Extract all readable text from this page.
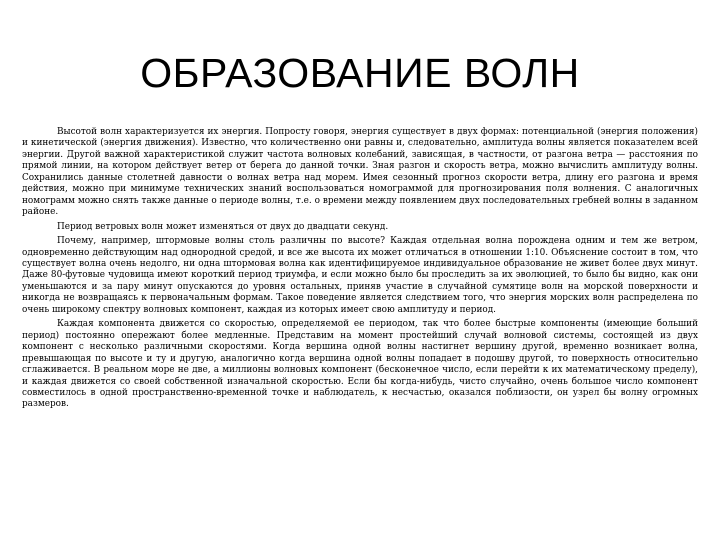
ОБРАЗОВАНИЕ ВОЛН

Высотой волн характеризуется их энергия. Попросту говоря, энергия существует в двух формах: потенциальной (энергия положения) и кинетической (энергия движения). Известно, что количественно они равны и, следовательно, амплитуда волны является показателем всей энергии. Другой важной характеристикой служит частота волновых колебаний, зависящая, в частности, от разгона ветра — расстояния по прямой линии, на котором действует ветер от берега до данной точки. Зная разгон и скорость ветра, можно вычислить амплитуду волны. Сохранились данные столетней давности о волнах ветра над морем. Имея сезонный прогноз скорости ветра, длину его разгона и время действия, можно при минимуме технических знаний воспользоваться номограммой для прогнозирования поля волнения. С аналогичных номограмм можно снять также данные о периоде волны, т.е. о времени между появлением двух последовательных гребней волны в заданном районе.

Период ветровых волн может изменяться от двух до двадцати секунд.

Почему, например, штормовые волны столь различны по высоте? Каждая отдельная волна порождена одним и тем же ветром, одновременно действующим над однородной средой, и все же высота их может отличаться в отношении 1:10. Объяснение состоит в том, что существует волна очень недолго, ни одна штормовая волна как идентифицируемое индивидуальное образование не живет более двух минут. Даже 80-футовые чудовища имеют короткий период триумфа, и если можно было бы проследить за их эволюцией, то было бы видно, как они уменьшаются и за пару минут опускаются до уровня остальных, приняв участие в случайной сумятице волн на морской поверхности и никогда не возвращаясь к первоначальным формам. Такое поведение является следствием того, что энергия морских волн распределена по очень широкому спектру волновых компонент, каждая из которых имеет свою амплитуду и период.

Каждая компонента движется со скоростью, определяемой ее периодом, так что более быстрые компоненты (имеющие больший период) постоянно опережают более медленные. Представим на момент простейший случай волновой системы, состоящей из двух компонент с несколько различными скоростями. Когда вершина одной волны настигнет вершину другой, временно возникает волна, превышающая по высоте и ту и другую, аналогично когда вершина одной волны попадает в подошву другой, то поверхность относительно сглаживается. В реальном море не две, а миллионы волновых компонент (бесконечное число, если перейти к их математическому пределу), и каждая движется со своей собственной изначальной скоростью. Если бы когда-нибудь, чисто случайно, очень большое число компонент совместилось в одной пространственно-временной точке и наблюдатель, к несчастью, оказался поблизости, он узрел бы волну огромных размеров.
